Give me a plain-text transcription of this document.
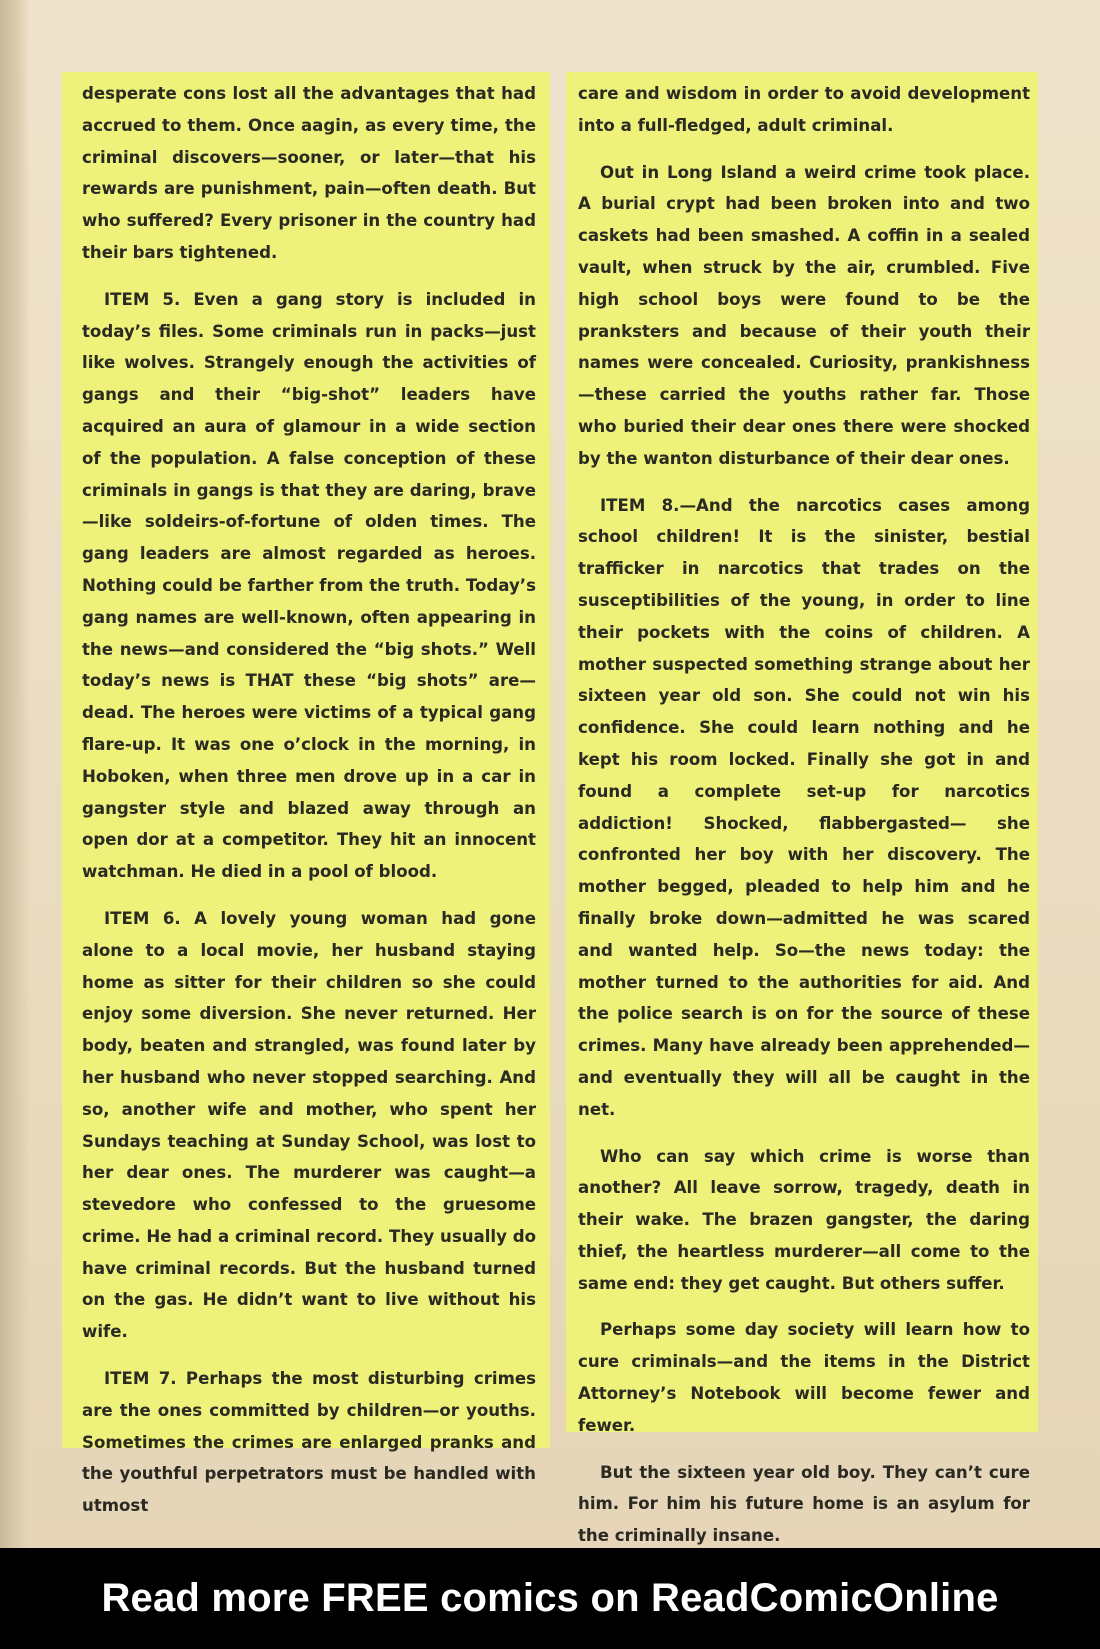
desperate cons lost all the advantages that had accrued to them. Once aagin, as every time, the criminal discovers—sooner, or later—that his rewards are punishment, pain—often death. But who suffered? Every prisoner in the country had their bars tightened.

ITEM 5. Even a gang story is included in today’s files. Some criminals run in packs—just like wolves. Strangely enough the activities of gangs and their “big-shot” leaders have acquired an aura of glamour in a wide section of the population. A false conception of these criminals in gangs is that they are daring, brave—like soldeirs-of-fortune of olden times. The gang leaders are almost regarded as heroes. Nothing could be farther from the truth. Today’s gang names are well-known, often appearing in the news—and considered the “big shots.” Well today’s news is THAT these “big shots” are—dead. The heroes were victims of a typical gang flare-up. It was one o’clock in the morning, in Hoboken, when three men drove up in a car in gangster style and blazed away through an open dor at a competitor. They hit an innocent watchman. He died in a pool of blood.

ITEM 6. A lovely young woman had gone alone to a local movie, her husband staying home as sitter for their children so she could enjoy some diversion. She never returned. Her body, beaten and strangled, was found later by her husband who never stopped searching. And so, another wife and mother, who spent her Sundays teaching at Sunday School, was lost to her dear ones. The murderer was caught—a stevedore who confessed to the gruesome crime. He had a criminal record. They usually do have criminal records. But the husband turned on the gas. He didn’t want to live without his wife.

ITEM 7. Perhaps the most disturbing crimes are the ones committed by children—or youths. Sometimes the crimes are enlarged pranks and the youthful perpetrators must be handled with utmost

care and wisdom in order to avoid development into a full-fledged, adult criminal.

Out in Long Island a weird crime took place. A burial crypt had been broken into and two caskets had been smashed. A coffin in a sealed vault, when struck by the air, crumbled. Five high school boys were found to be the pranksters and because of their youth their names were concealed. Curiosity, prankishness—these carried the youths rather far. Those who buried their dear ones there were shocked by the wanton disturbance of their dear ones.

ITEM 8.—And the narcotics cases among school children! It is the sinister, bestial trafficker in narcotics that trades on the susceptibilities of the young, in order to line their pockets with the coins of children. A mother suspected something strange about her sixteen year old son. She could not win his confidence. She could learn nothing and he kept his room locked. Finally she got in and found a complete set-up for narcotics addiction! Shocked, flabbergasted— she confronted her boy with her discovery. The mother begged, pleaded to help him and he finally broke down—admitted he was scared and wanted help. So—the news today: the mother turned to the authorities for aid. And the police search is on for the source of these crimes. Many have already been apprehended—and eventually they will all be caught in the net.

Who can say which crime is worse than another? All leave sorrow, tragedy, death in their wake. The brazen gangster, the daring thief, the heartless murderer—all come to the same end: they get caught. But others suffer.

Perhaps some day society will learn how to cure criminals—and the items in the District Attorney’s Notebook will become fewer and fewer.

But the sixteen year old boy. They can’t cure him. For him his future home is an asylum for the criminally insane.

Read more FREE comics on ReadComicOnline
